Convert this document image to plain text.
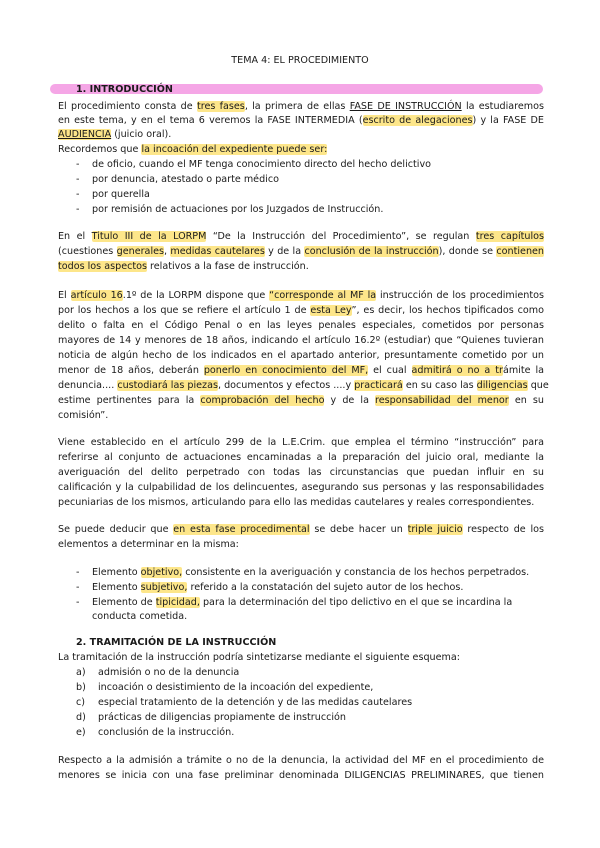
TEMA 4: EL PROCEDIMIENTO
1. INTRODUCCIÓN
El procedimiento consta de tres fases, la primera de ellas FASE DE INSTRUCCIÓN la estudiaremos
en este tema, y en el tema 6 veremos la FASE INTERMEDIA (escrito de alegaciones) y la FASE DE
AUDIENCIA (juicio oral).
Recordemos que la incoación del expediente puede ser:
- de oficio, cuando el MF tenga conocimiento directo del hecho delictivo
- por denuncia, atestado o parte médico
- por querella
- por remisión de actuaciones por los Juzgados de Instrucción.
En el Titulo III de la LORPM “De la Instrucción del Procedimiento”, se regulan tres capítulos
(cuestiones generales, medidas cautelares y de la conclusión de la instrucción), donde se contienen
todos los aspectos relativos a la fase de instrucción.
El artículo 16.1º de la LORPM dispone que “corresponde al MF la instrucción de los procedimientos
por los hechos a los que se refiere el artículo 1 de esta Ley”, es decir, los hechos tipificados como
delito o falta en el Código Penal o en las leyes penales especiales, cometidos por personas
mayores de 14 y menores de 18 años, indicando el artículo 16.2º (estudiar) que “Quienes tuvieran
noticia de algún hecho de los indicados en el apartado anterior, presuntamente cometido por un
menor de 18 años, deberán ponerlo en conocimiento del MF, el cual admitirá o no a trámite la
denuncia.... custodiará las piezas, documentos y efectos ....y practicará en su caso las diligencias que
estime pertinentes para la comprobación del hecho y de la responsabilidad del menor en su
comisión”.
Viene establecido en el artículo 299 de la L.E.Crim. que emplea el término “instrucción” para
referirse al conjunto de actuaciones encaminadas a la preparación del juicio oral, mediante la
averiguación del delito perpetrado con todas las circunstancias que puedan influir en su
calificación y la culpabilidad de los delincuentes, asegurando sus personas y las responsabilidades
pecuniarias de los mismos, articulando para ello las medidas cautelares y reales correspondientes.
Se puede deducir que en esta fase procedimental se debe hacer un triple juicio respecto de los
elementos a determinar en la misma:
- Elemento objetivo, consistente en la averiguación y constancia de los hechos perpetrados.
- Elemento subjetivo, referido a la constatación del sujeto autor de los hechos.
- Elemento de tipicidad, para la determinación del tipo delictivo en el que se incardina la
conducta cometida.
2. TRAMITACIÓN DE LA INSTRUCCIÓN
La tramitación de la instrucción podría sintetizarse mediante el siguiente esquema:
a) admisión o no de la denuncia
b) incoación o desistimiento de la incoación del expediente,
c) especial tratamiento de la detención y de las medidas cautelares
d) prácticas de diligencias propiamente de instrucción
e) conclusión de la instrucción.
Respecto a la admisión a trámite o no de la denuncia, la actividad del MF en el procedimiento de
menores se inicia con una fase preliminar denominada DILIGENCIAS PRELIMINARES, que tienen
